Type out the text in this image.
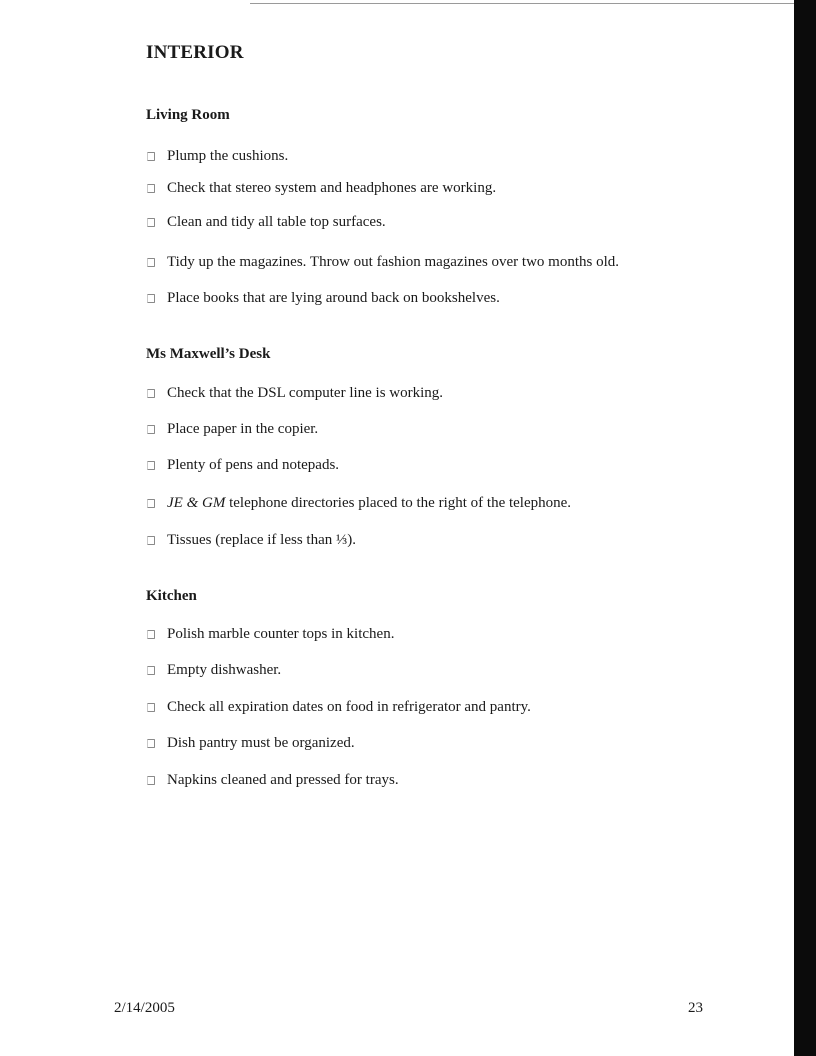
INTERIOR
Living Room
Plump the cushions.
Check that stereo system and headphones are working.
Clean and tidy all table top surfaces.
Tidy up the magazines. Throw out fashion magazines over two months old.
Place books that are lying around back on bookshelves.
Ms Maxwell’s Desk
Check that the DSL computer line is working.
Place paper in the copier.
Plenty of pens and notepads.
JE & GM telephone directories placed to the right of the telephone.
Tissues (replace if less than ⅓).
Kitchen
Polish marble counter tops in kitchen.
Empty dishwasher.
Check all expiration dates on food in refrigerator and pantry.
Dish pantry must be organized.
Napkins cleaned and pressed for trays.
2/14/2005	23
